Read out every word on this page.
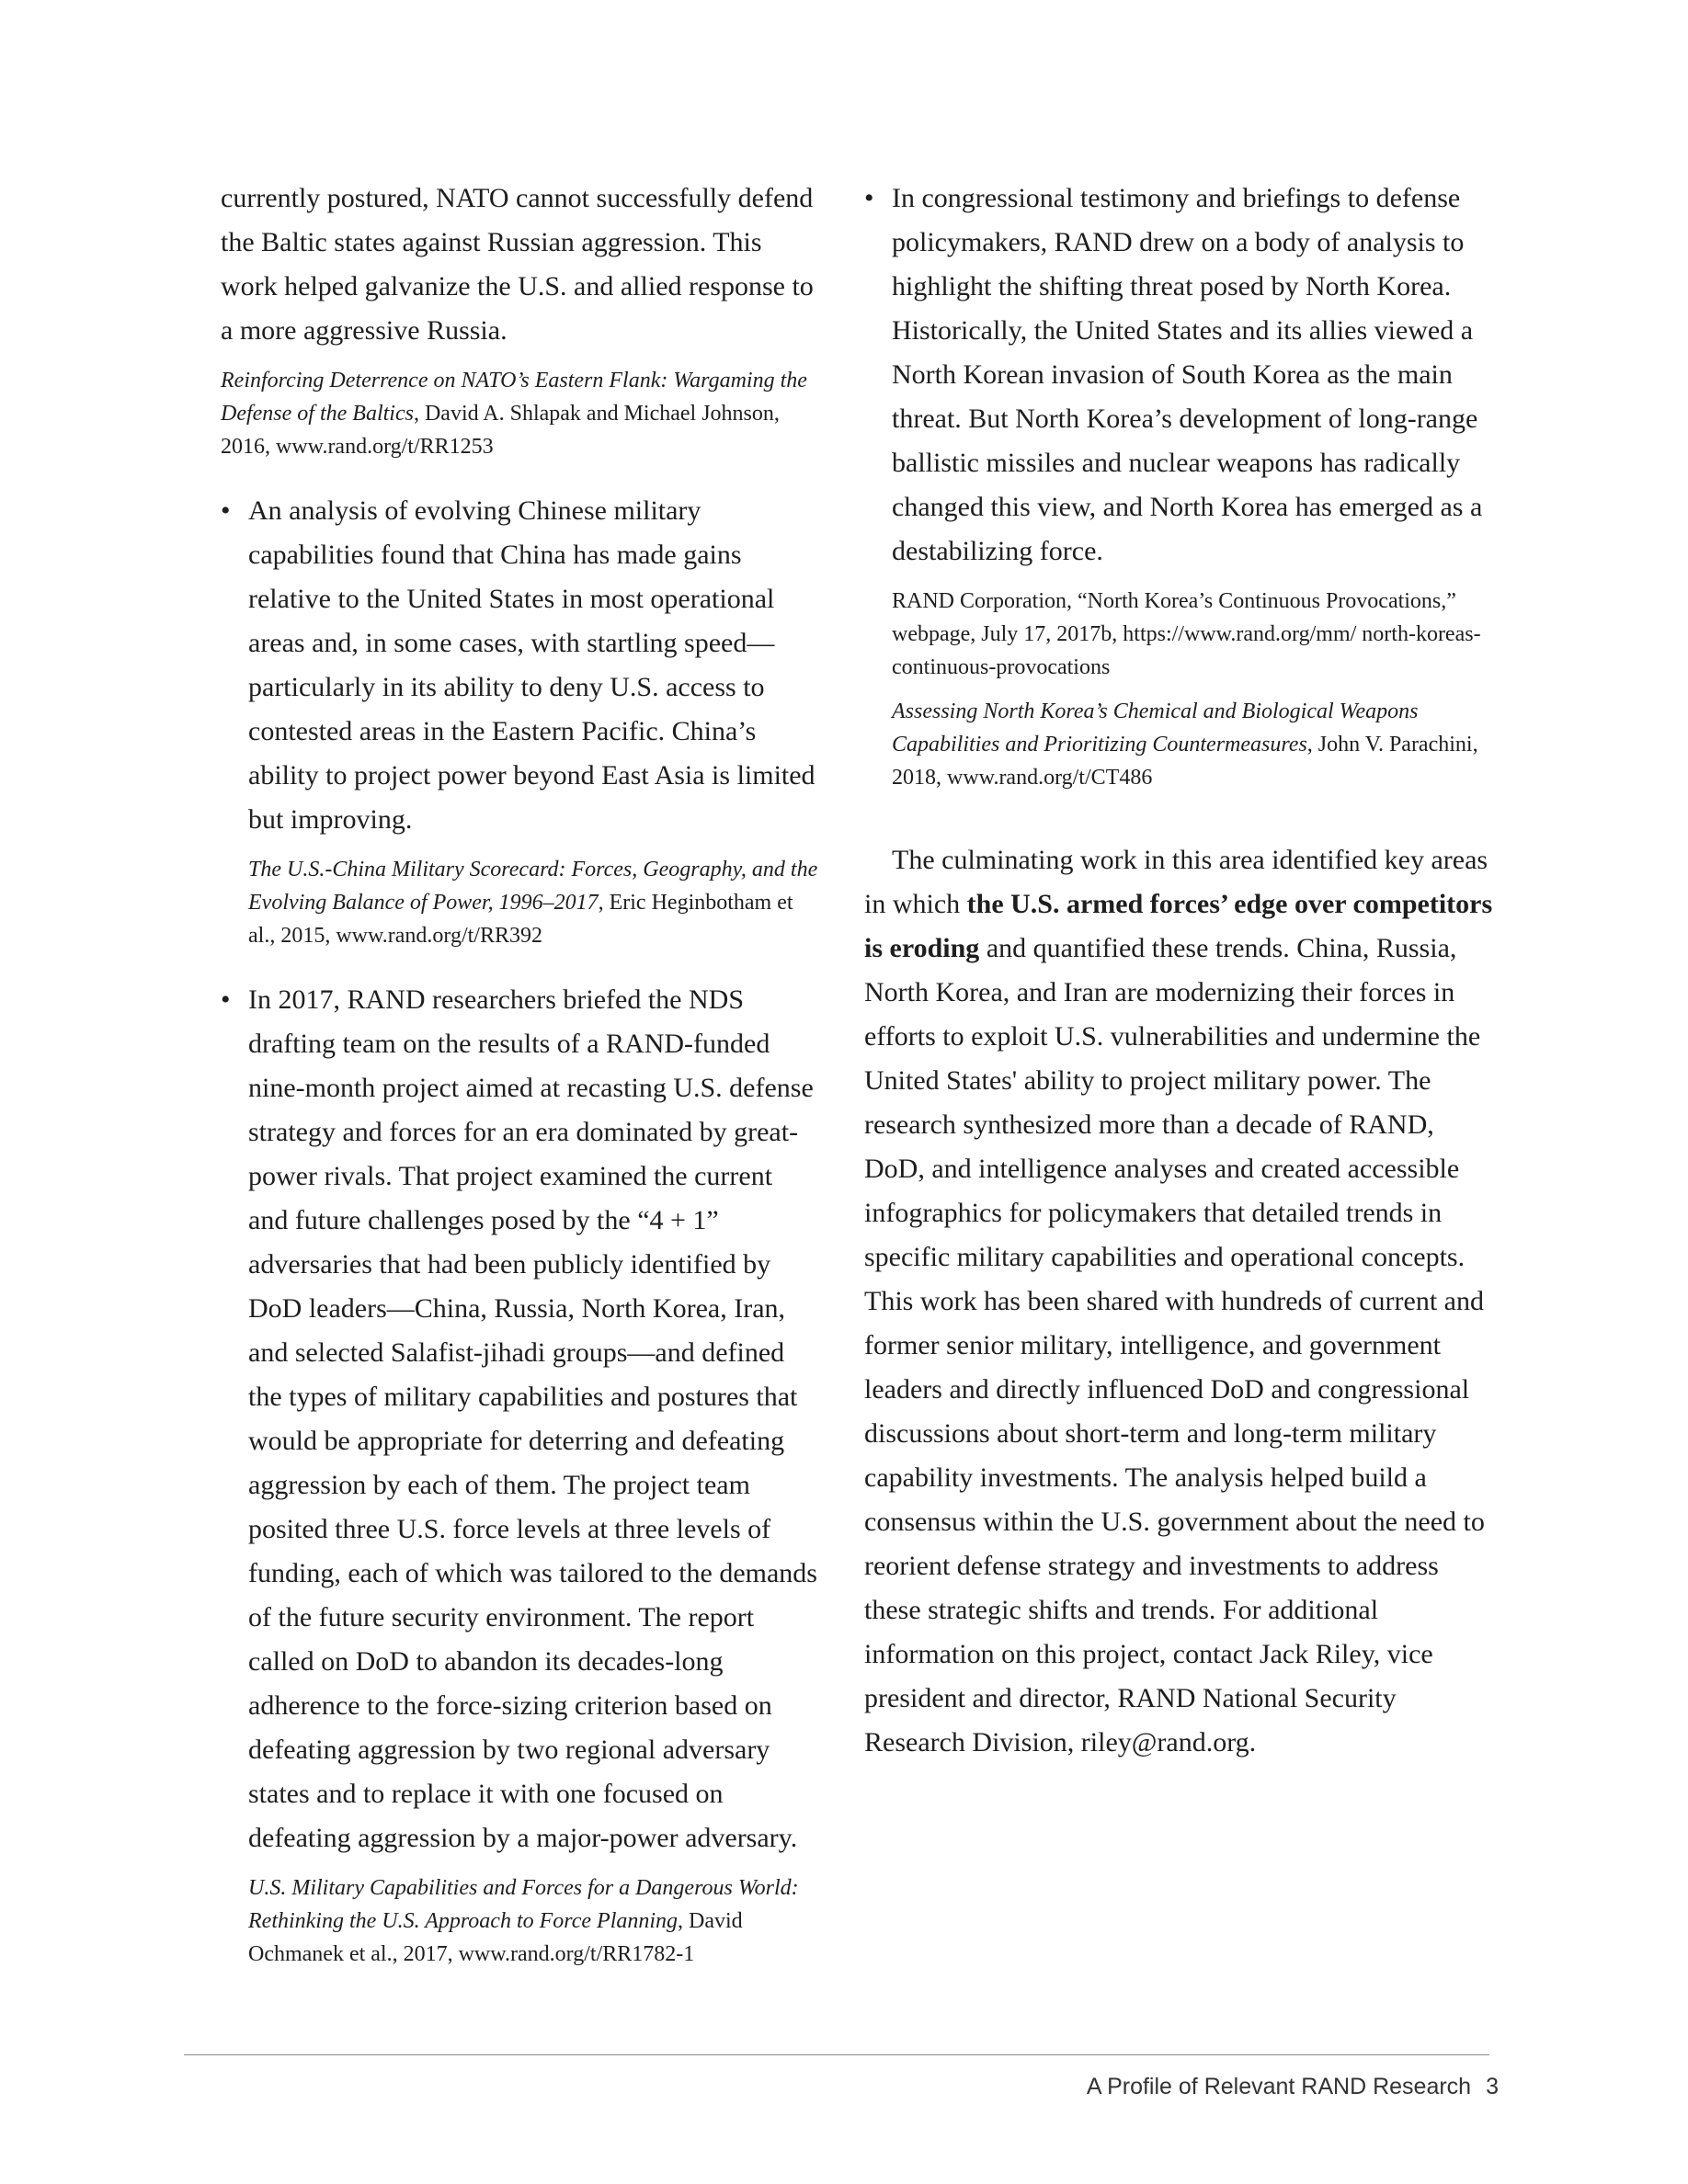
currently postured, NATO cannot successfully defend the Baltic states against Russian aggression. This work helped galvanize the U.S. and allied response to a more aggressive Russia.

Reinforcing Deterrence on NATO’s Eastern Flank: Wargaming the Defense of the Baltics, David A. Shlapak and Michael Johnson, 2016, www.rand.org/t/RR1253

• An analysis of evolving Chinese military capabilities found that China has made gains relative to the United States in most operational areas and, in some cases, with startling speed—particularly in its ability to deny U.S. access to contested areas in the Eastern Pacific. China’s ability to project power beyond East Asia is limited but improving.

The U.S.-China Military Scorecard: Forces, Geography, and the Evolving Balance of Power, 1996–2017, Eric Heginbotham et al., 2015, www.rand.org/t/RR392

• In 2017, RAND researchers briefed the NDS drafting team on the results of a RAND-funded nine-month project aimed at recasting U.S. defense strategy and forces for an era dominated by great-power rivals. That project examined the current and future challenges posed by the “4 + 1” adversaries that had been publicly identified by DoD leaders—China, Russia, North Korea, Iran, and selected Salafist-jihadi groups—and defined the types of military capabilities and postures that would be appropriate for deterring and defeating aggression by each of them. The project team posited three U.S. force levels at three levels of funding, each of which was tailored to the demands of the future security environment. The report called on DoD to abandon its decades-long adherence to the force-sizing criterion based on defeating aggression by two regional adversary states and to replace it with one focused on defeating aggression by a major-power adversary.

U.S. Military Capabilities and Forces for a Dangerous World: Rethinking the U.S. Approach to Force Planning, David Ochmanek et al., 2017, www.rand.org/t/RR1782-1

• In congressional testimony and briefings to defense policymakers, RAND drew on a body of analysis to highlight the shifting threat posed by North Korea. Historically, the United States and its allies viewed a North Korean invasion of South Korea as the main threat. But North Korea’s development of long-range ballistic missiles and nuclear weapons has radically changed this view, and North Korea has emerged as a destabilizing force.

RAND Corporation, “North Korea’s Continuous Provocations,” webpage, July 17, 2017b, https://www.rand.org/mm/ north-koreas-continuous-provocations

Assessing North Korea’s Chemical and Biological Weapons Capabilities and Prioritizing Countermeasures, John V. Parachini, 2018, www.rand.org/t/CT486

The culminating work in this area identified key areas in which the U.S. armed forces’ edge over competitors is eroding and quantified these trends. China, Russia, North Korea, and Iran are modernizing their forces in efforts to exploit U.S. vulnerabilities and undermine the United States' ability to project military power. The research synthesized more than a decade of RAND, DoD, and intelligence analyses and created accessible infographics for policymakers that detailed trends in specific military capabilities and operational concepts. This work has been shared with hundreds of current and former senior military, intelligence, and government leaders and directly influenced DoD and congressional discussions about short-term and long-term military capability investments. The analysis helped build a consensus within the U.S. government about the need to reorient defense strategy and investments to address these strategic shifts and trends. For additional information on this project, contact Jack Riley, vice president and director, RAND National Security Research Division, riley@rand.org.

A Profile of Relevant RAND Research 3
